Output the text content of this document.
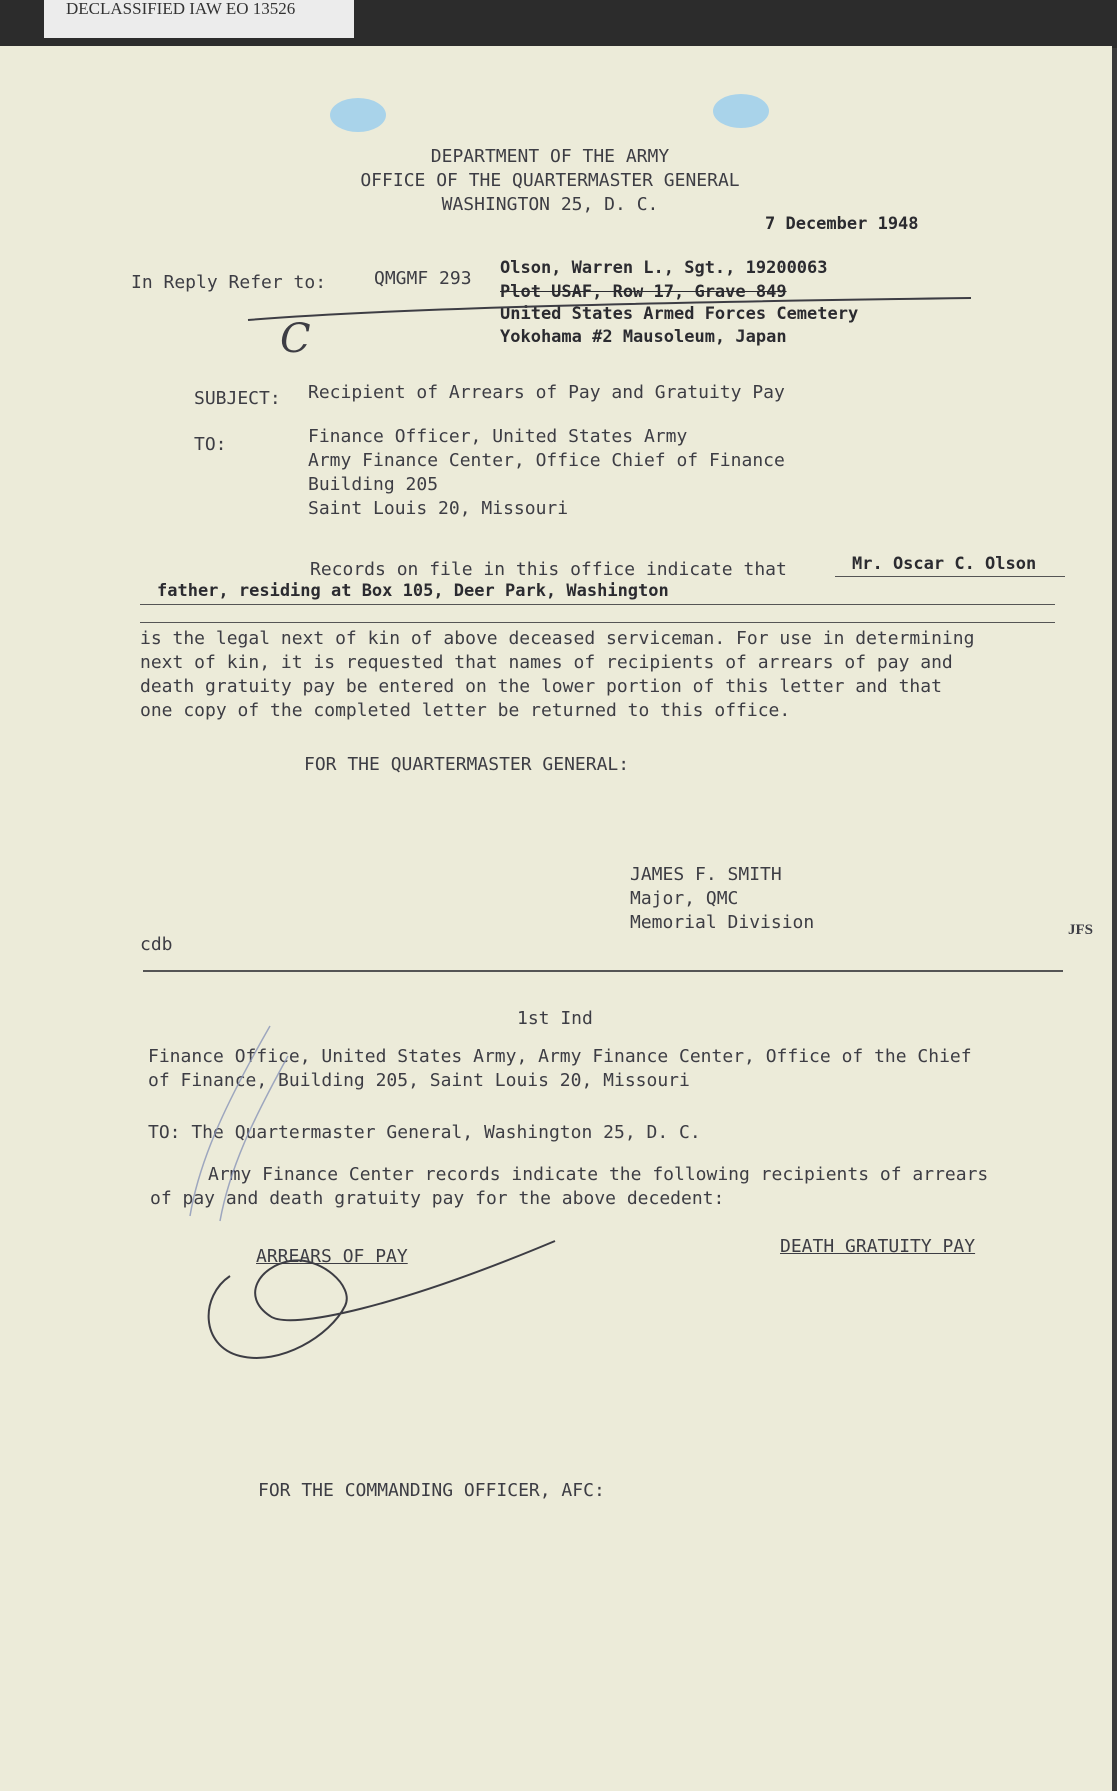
DECLASSIFIED IAW EO 13526
DEPARTMENT OF THE ARMY
OFFICE OF THE QUARTERMASTER GENERAL
WASHINGTON 25, D. C.
7 December 1948
In Reply Refer to:	QMGMF 293 Olson, Warren L., Sgt., 19200063
Plot USAF, Row 17, Grave 849
United States Armed Forces Cemetery
Yokohama #2 Mausoleum, Japan
C
SUBJECT: Recipient of Arrears of Pay and Gratuity Pay
TO:	Finance Officer, United States Army
Army Finance Center, Office Chief of Finance
Building 205
Saint Louis 20, Missouri
Records on file in this office indicate that	Mr. Oscar C. Olson
father, residing at Box 105, Deer Park, Washington
is the legal next of kin of above deceased serviceman. For use in determining
next of kin, it is requested that names of recipients of arrears of pay and
death gratuity pay be entered on the lower portion of this letter and that
one copy of the completed letter be returned to this office.
FOR THE QUARTERMASTER GENERAL:
JAMES F. SMITH
Major, QMC
Memorial Division
cdb
JFS
1st Ind
Finance Office, United States Army, Army Finance Center, Office of the Chief
of Finance, Building 205, Saint Louis 20, Missouri
TO: The Quartermaster General, Washington 25, D. C.
Army Finance Center records indicate the following recipients of arrears
of pay and death gratuity pay for the above decedent:
ARREARS OF PAY	DEATH GRATUITY PAY
FOR THE COMMANDING OFFICER, AFC:
